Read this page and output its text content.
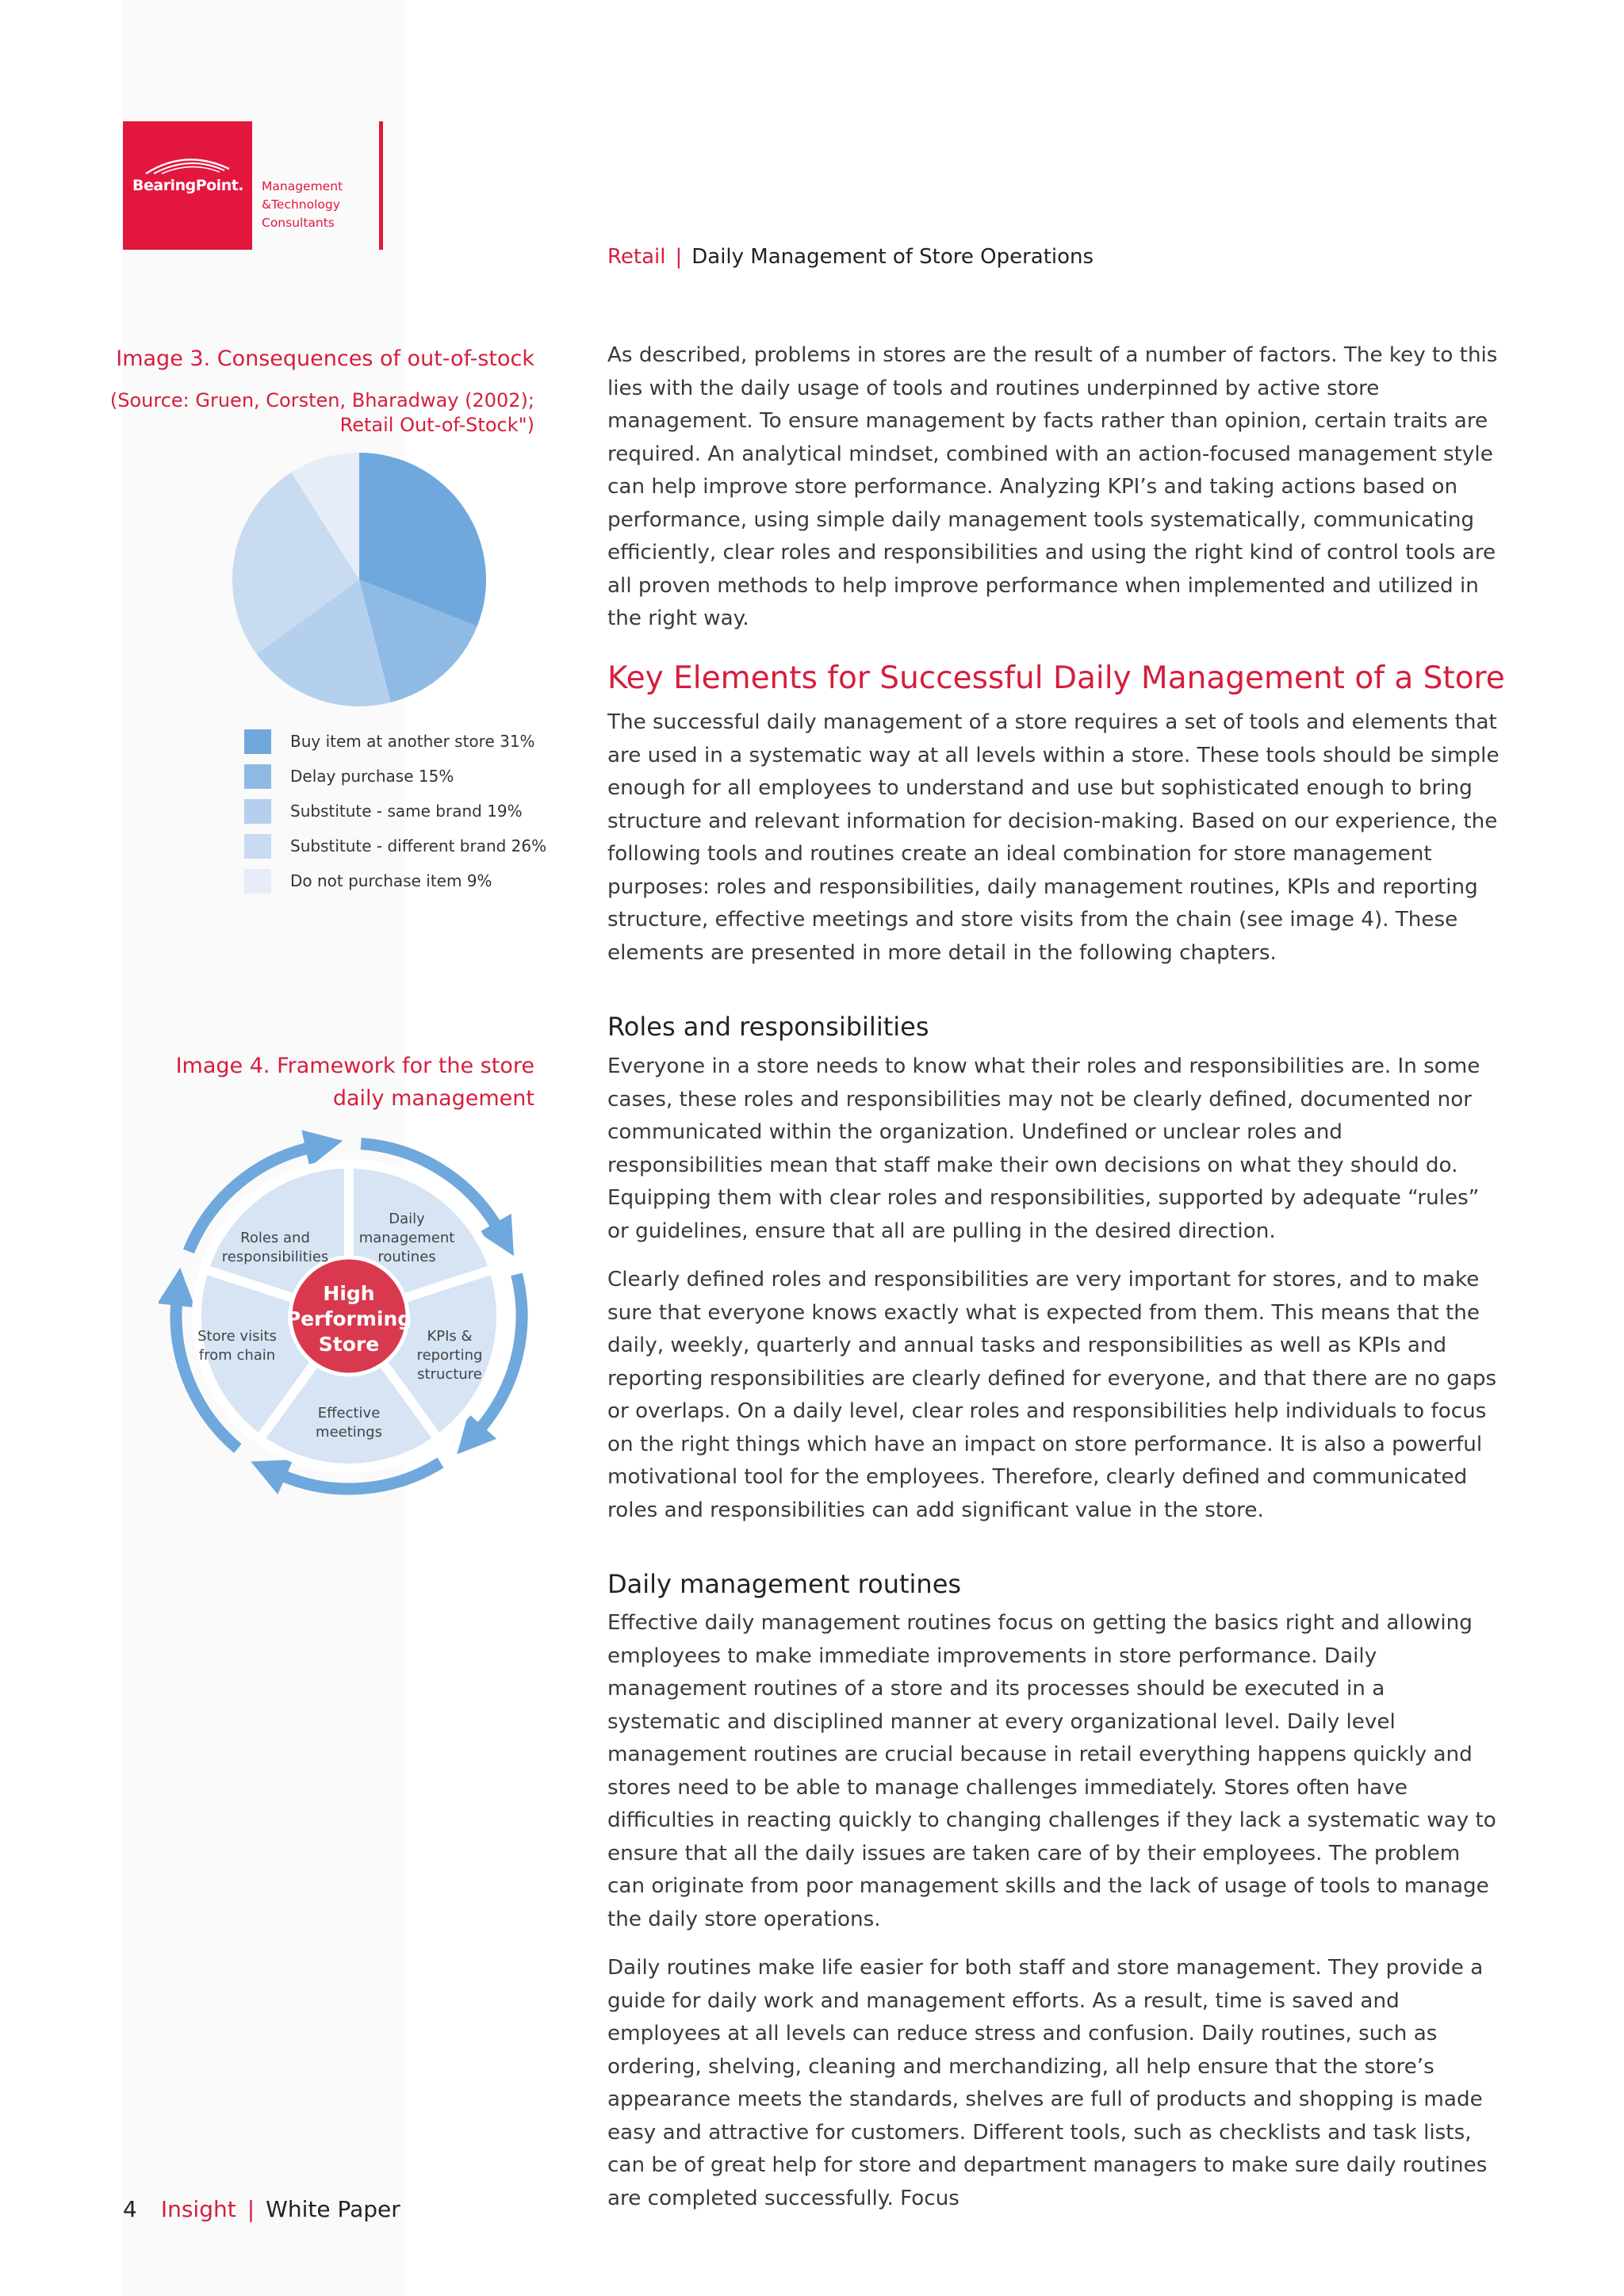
BearingPoint. Management
&Technology
Consultants
Retail | Daily Management of Store Operations
Image 3. Consequences of out-of-stock
(Source: Gruen, Corsten, Bharadway (2002);
Retail Out-of-Stock")
Buy item at another store 31%
Delay purchase 15%
Substitute - same brand 19%
Substitute - different brand 26%
Do not purchase item 9%
Image 4. Framework for the store
daily management
High
Performing
Store
Daily
management
routines
KPIs &
reporting
structure
Effective
meetings
Store visits
from chain
Roles and
responsibilities
As described, problems in stores are the result of a number of factors. The key to this lies with the daily usage of tools and routines underpinned by active store management. To ensure management by facts rather than opinion, certain traits are required. An analytical mindset, combined with an action-focused management style can help improve store performance. Analyzing KPI’s and taking actions based on performance, using simple daily management tools systematically, communicating efficiently, clear roles and responsibilities and using the right kind of control tools are all proven methods to help improve performance when implemented and utilized in the right way.
Key Elements for Successful Daily Management of a Store
The successful daily management of a store requires a set of tools and elements that are used in a systematic way at all levels within a store. These tools should be simple enough for all employees to understand and use but sophisticated enough to bring structure and relevant information for decision-making. Based on our experience, the following tools and routines create an ideal combination for store management purposes: roles and responsibilities, daily management routines, KPIs and reporting structure, effective meetings and store visits from the chain (see image 4). These elements are presented in more detail in the following chapters.
Roles and responsibilities

Everyone in a store needs to know what their roles and responsibilities are. In some cases, these roles and responsibilities may not be clearly defined, documented nor communicated within the organization. Undefined or unclear roles and responsibilities mean that staff make their own decisions on what they should do. Equipping them with clear roles and responsibilities, supported by adequate “rules” or guidelines, ensure that all are pulling in the desired direction.

Clearly defined roles and responsibilities are very important for stores, and to make sure that everyone knows exactly what is expected from them. This means that the daily, weekly, quarterly and annual tasks and responsibilities as well as KPIs and reporting responsibilities are clearly defined for everyone, and that there are no gaps or overlaps. On a daily level, clear roles and responsibilities help individuals to focus on the right things which have an impact on store performance. It is also a powerful motivational tool for the employees. Therefore, clearly defined and communicated roles and responsibilities can add significant value in the store.

Daily management routines

Effective daily management routines focus on getting the basics right and allowing employees to make immediate improvements in store performance. Daily management routines of a store and its processes should be executed in a systematic and disciplined manner at every organizational level. Daily level management routines are crucial because in retail everything happens quickly and stores need to be able to manage challenges immediately. Stores often have difficulties in reacting quickly to changing challenges if they lack a systematic way to ensure that all the daily issues are taken care of by their employees. The problem can originate from poor management skills and the lack of usage of tools to manage the daily store operations.

Daily routines make life easier for both staff and store management. They provide a guide for daily work and management efforts. As a result, time is saved and employees at all levels can reduce stress and confusion. Daily routines, such as ordering, shelving, cleaning and merchandizing, all help ensure that the store’s appearance meets the standards, shelves are full of products and shopping is made easy and attractive for customers. Different tools, such as checklists and task lists, can be of great help for store and department managers to make sure daily routines are completed successfully. Focus

4 Insight | White Paper
